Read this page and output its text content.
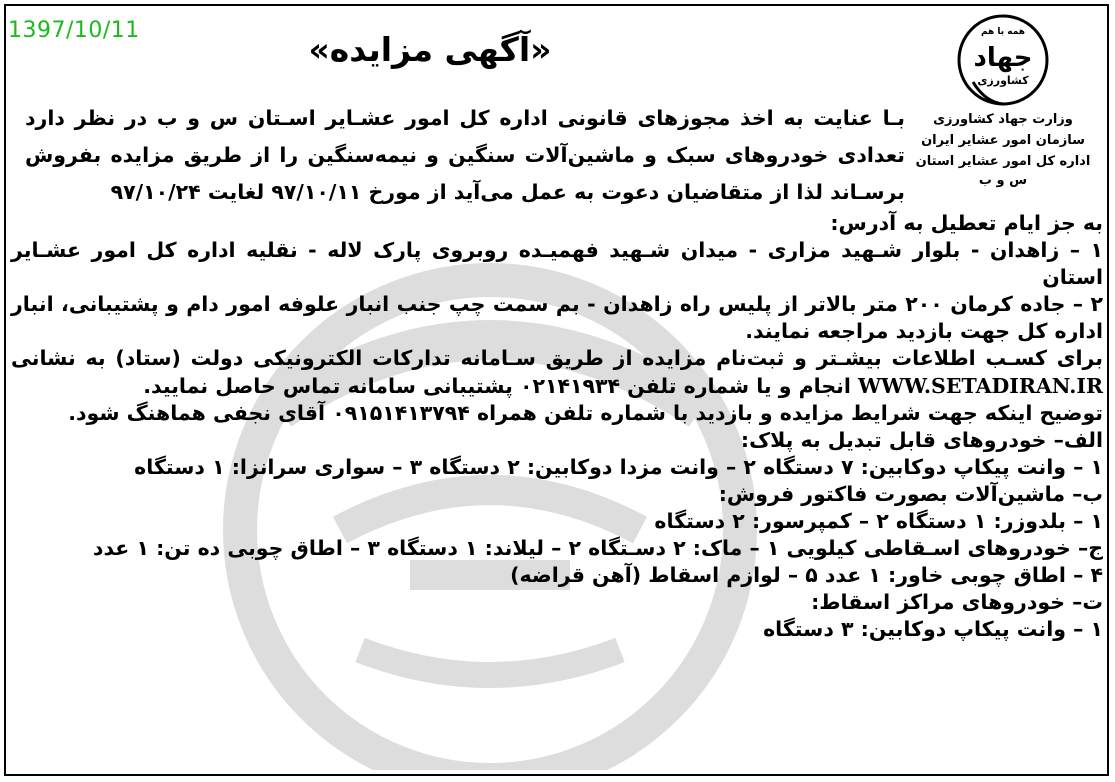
1397/10/11	همه با هم
جهاد
کشاورزی
وزارت جهاد کشاورزی
سازمان امور عشایر ایران
اداره کل امور عشایر استان س و ب
«آگهی مزایده»
بـا عنایت به اخذ مجوزهای قانونی اداره کل امور عشـایر اسـتان س و ب در نظر دارد تعدادی خودروهای سبک و ماشین‌آلات سنگین و نیمه‌سنگین را از طریق مزایده بفروش برسـاند لذا از متقاضیان دعوت به عمل می‌آید از مورخ ۹۷/۱۰/۱۱ لغایت ۹۷/۱۰/۲۴

به جز ایام تعطیل به آدرس:

۱ – زاهدان - بلوار شـهید مزاری - میدان شـهید فهمیـده روبروی پارک لاله - نقلیه اداره کل امور عشـایر استان

۲ – جاده کرمان ۲۰۰ متر بالاتر از پلیس راه زاهدان - بم سمت چپ جنب انبار علوفه امور دام و پشتیبانی، انبار اداره کل جهت بازدید مراجعه نمایند.

برای کسـب اطلاعات بیشـتر و ثبت‌نام مزایده از طریق سـامانه تدارکات الکترونیکی دولت (ستاد) به نشانی WWW.SETADIRAN.IR انجام و یا شماره تلفن ۰۲۱۴۱۹۳۴ پشتیبانی سامانه تماس حاصل نمایید.

توضیح اینکه جهت شرایط مزایده و بازدید با شماره تلفن همراه ۰۹۱۵۱۴۱۳۷۹۴ آقای نجفی هماهنگ شود.

الف– خودروهای قابل تبدیل به پلاک:

۱ – وانت پیکاپ دوکابین: ۷ دستگاه ۲ – وانت مزدا دوکابین: ۲ دستگاه ۳ – سواری سرانزا: ۱ دستگاه

ب– ماشین‌آلات بصورت فاکتور فروش:

۱ – بلدوزر: ۱ دستگاه ۲ – کمپرسور: ۲ دستگاه

ج– خودروهای اسـقاطی کیلویی ۱ – ماک: ۲ دسـتگاه ۲ – لیلاند: ۱ دستگاه ۳ – اطاق چوبی ده تن: ۱ عدد

۴ – اطاق چوبی خاور: ۱ عدد ۵ – لوازم اسقاط (آهن قراضه)

ت– خودروهای مراکز اسقاط:

۱ – وانت پیکاپ دوکابین: ۳ دستگاه
